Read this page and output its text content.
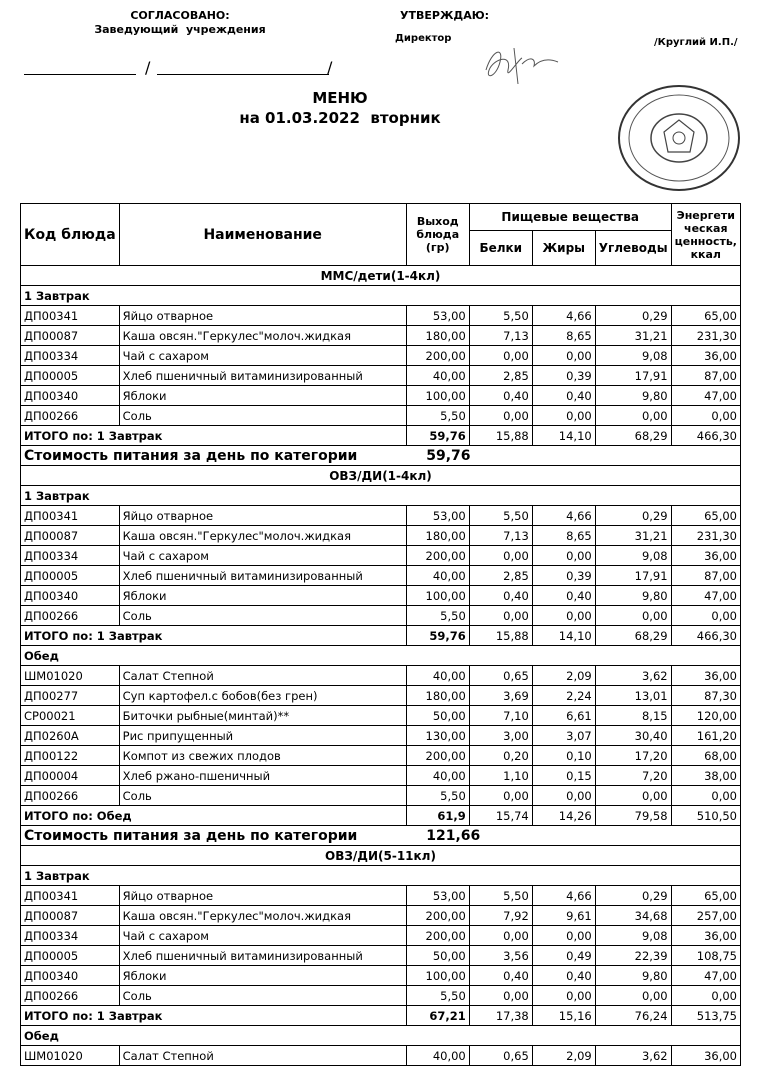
СОГЛАСОВАНО:
Заведующий  учреждения
УТВЕРЖДАЮ:
Директор	/Круглий И.П./
/	/
МЕНЮ
на 01.03.2022  вторник
Код блюда	Наименование	Выход блюда (гр)	Пищевые вещества			Энергети ческая ценность, ккал
			Белки	Жиры	Углеводы	
ММС/дети(1-4кл)						
1 Завтрак						
ДП00341	Яйцо отварное	53,00	5,50	4,66	0,29	65,00
ДП00087	Каша овсян."Геркулес"молоч.жидкая	180,00	7,13	8,65	31,21	231,30
ДП00334	Чай с сахаром	200,00	0,00	0,00	9,08	36,00
ДП00005	Хлеб пшеничный витаминизированный	40,00	2,85	0,39	17,91	87,00
ДП00340	Яблоки	100,00	0,40	0,40	9,80	47,00
ДП00266	Соль	5,50	0,00	0,00	0,00	0,00
ИТОГО по: 1 Завтрак		59,76	15,88	14,10	68,29	466,30
Стоимость питания за день по категории		59,76				
ОВЗ/ДИ(1-4кл)						
1 Завтрак						
ДП00341	Яйцо отварное	53,00	5,50	4,66	0,29	65,00
ДП00087	Каша овсян."Геркулес"молоч.жидкая	180,00	7,13	8,65	31,21	231,30
ДП00334	Чай с сахаром	200,00	0,00	0,00	9,08	36,00
ДП00005	Хлеб пшеничный витаминизированный	40,00	2,85	0,39	17,91	87,00
ДП00340	Яблоки	100,00	0,40	0,40	9,80	47,00
ДП00266	Соль	5,50	0,00	0,00	0,00	0,00
ИТОГО по: 1 Завтрак		59,76	15,88	14,10	68,29	466,30
Обед						
ШМ01020	Салат Степной	40,00	0,65	2,09	3,62	36,00
ДП00277	Суп картофел.с бобов(без грен)	180,00	3,69	2,24	13,01	87,30
СР00021	Биточки рыбные(минтай)**	50,00	7,10	6,61	8,15	120,00
ДП0260А	Рис припущенный	130,00	3,00	3,07	30,40	161,20
ДП00122	Компот из свежих плодов	200,00	0,20	0,10	17,20	68,00
ДП00004	Хлеб ржано-пшеничный	40,00	1,10	0,15	7,20	38,00
ДП00266	Соль	5,50	0,00	0,00	0,00	0,00
ИТОГО по: Обед		61,9	15,74	14,26	79,58	510,50
Стоимость питания за день по категории		121,66				
ОВЗ/ДИ(5-11кл)						
1 Завтрак						
ДП00341	Яйцо отварное	53,00	5,50	4,66	0,29	65,00
ДП00087	Каша овсян."Геркулес"молоч.жидкая	200,00	7,92	9,61	34,68	257,00
ДП00334	Чай с сахаром	200,00	0,00	0,00	9,08	36,00
ДП00005	Хлеб пшеничный витаминизированный	50,00	3,56	0,49	22,39	108,75
ДП00340	Яблоки	100,00	0,40	0,40	9,80	47,00
ДП00266	Соль	5,50	0,00	0,00	0,00	0,00
ИТОГО по: 1 Завтрак		67,21	17,38	15,16	76,24	513,75
Обед						
ШМ01020	Салат Степной	40,00	0,65	2,09	3,62	36,00
